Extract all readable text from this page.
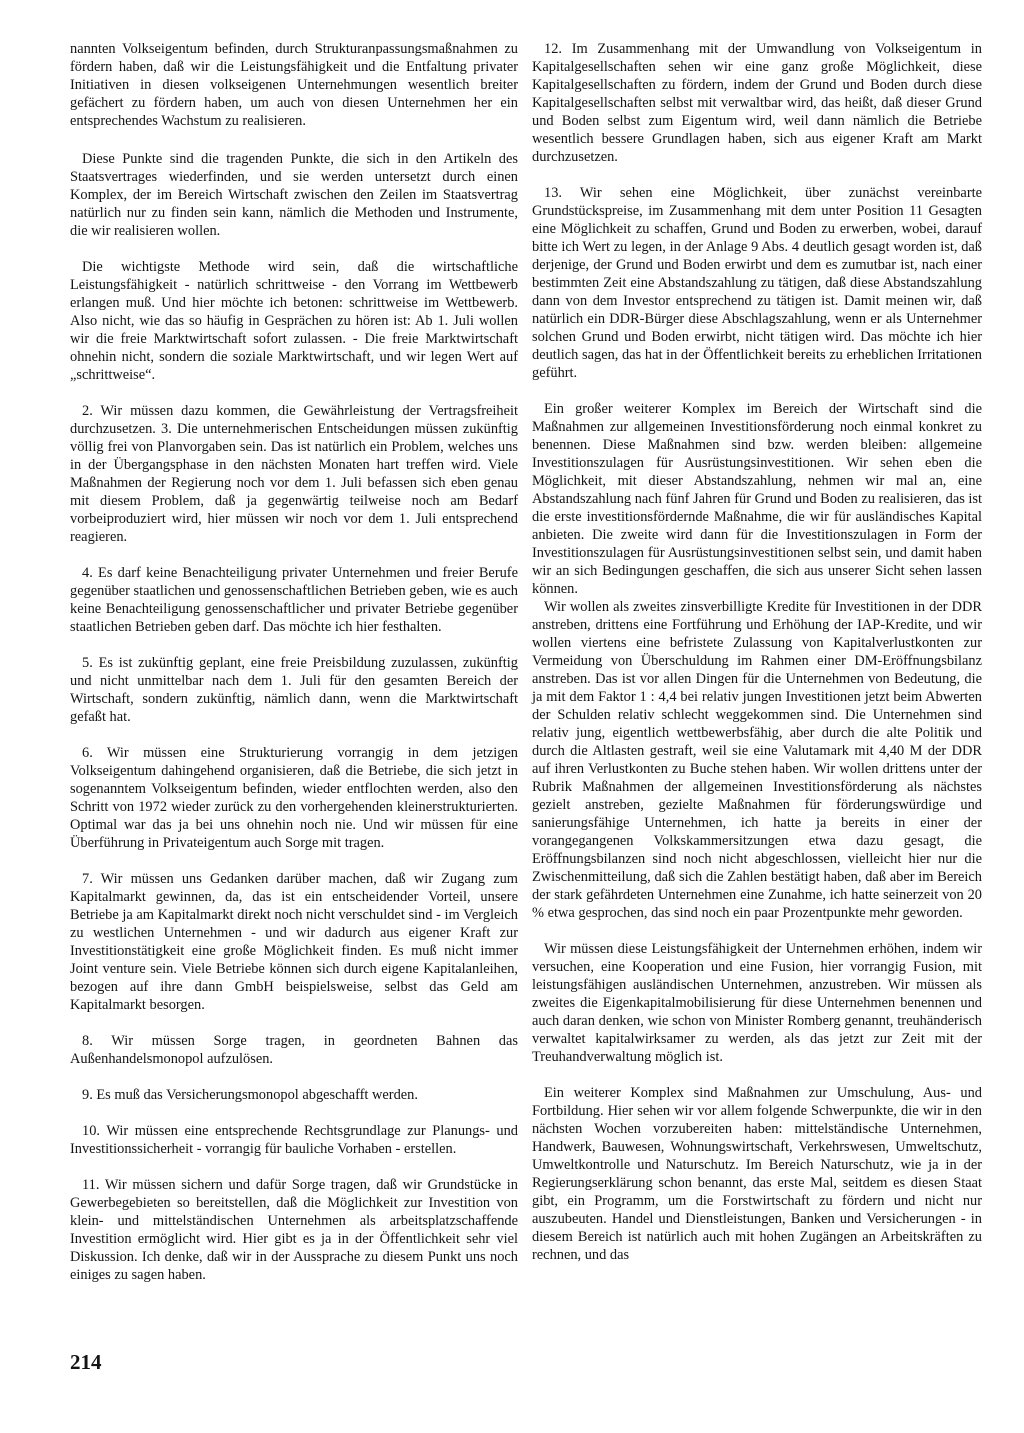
nannten Volkseigentum befinden, durch Strukturanpassungsmaßnahmen zu fördern haben, daß wir die Leistungsfähigkeit und die Entfaltung privater Initiativen in diesen volkseigenen Unternehmungen wesentlich breiter gefächert zu fördern haben, um auch von diesen Unternehmen her ein entsprechendes Wachstum zu realisieren.

Diese Punkte sind die tragenden Punkte, die sich in den Artikeln des Staatsvertrages wiederfinden, und sie werden untersetzt durch einen Komplex, der im Bereich Wirtschaft zwischen den Zeilen im Staatsvertrag natürlich nur zu finden sein kann, nämlich die Methoden und Instrumente, die wir realisieren wollen.

Die wichtigste Methode wird sein, daß die wirtschaftliche Leistungsfähigkeit - natürlich schrittweise - den Vorrang im Wettbewerb erlangen muß. Und hier möchte ich betonen: schrittweise im Wettbewerb. Also nicht, wie das so häufig in Gesprächen zu hören ist: Ab 1. Juli wollen wir die freie Marktwirtschaft sofort zulassen. - Die freie Marktwirtschaft ohnehin nicht, sondern die soziale Marktwirtschaft, und wir legen Wert auf „schrittweise“.

2. Wir müssen dazu kommen, die Gewährleistung der Vertragsfreiheit durchzusetzen. 3. Die unternehmerischen Entscheidungen müssen zukünftig völlig frei von Planvorgaben sein. Das ist natürlich ein Problem, welches uns in der Übergangsphase in den nächsten Monaten hart treffen wird. Viele Maßnahmen der Regierung noch vor dem 1. Juli befassen sich eben genau mit diesem Problem, daß ja gegenwärtig teilweise noch am Bedarf vorbeiproduziert wird, hier müssen wir noch vor dem 1. Juli entsprechend reagieren.

4. Es darf keine Benachteiligung privater Unternehmen und freier Berufe gegenüber staatlichen und genossenschaftlichen Betrieben geben, wie es auch keine Benachteiligung genossenschaftlicher und privater Betriebe gegenüber staatlichen Betrieben geben darf. Das möchte ich hier festhalten.

5. Es ist zukünftig geplant, eine freie Preisbildung zuzulassen, zukünftig und nicht unmittelbar nach dem 1. Juli für den gesamten Bereich der Wirtschaft, sondern zukünftig, nämlich dann, wenn die Marktwirtschaft gefaßt hat.

6. Wir müssen eine Strukturierung vorrangig in dem jetzigen Volkseigentum dahingehend organisieren, daß die Betriebe, die sich jetzt in sogenanntem Volkseigentum befinden, wieder entflochten werden, also den Schritt von 1972 wieder zurück zu den vorhergehenden kleinerstrukturierten. Optimal war das ja bei uns ohnehin noch nie. Und wir müssen für eine Überführung in Privateigentum auch Sorge mit tragen.

7. Wir müssen uns Gedanken darüber machen, daß wir Zugang zum Kapitalmarkt gewinnen, da, das ist ein entscheidender Vorteil, unsere Betriebe ja am Kapitalmarkt direkt noch nicht verschuldet sind - im Vergleich zu westlichen Unternehmen - und wir dadurch aus eigener Kraft zur Investitionstätigkeit eine große Möglichkeit finden. Es muß nicht immer Joint venture sein. Viele Betriebe können sich durch eigene Kapitalanleihen, bezogen auf ihre dann GmbH beispielsweise, selbst das Geld am Kapitalmarkt besorgen.

8. Wir müssen Sorge tragen, in geordneten Bahnen das Außenhandelsmonopol aufzulösen.

9. Es muß das Versicherungsmonopol abgeschafft werden.

10. Wir müssen eine entsprechende Rechtsgrundlage zur Planungs- und Investitionssicherheit - vorrangig für bauliche Vorhaben - erstellen.

11. Wir müssen sichern und dafür Sorge tragen, daß wir Grundstücke in Gewerbegebieten so bereitstellen, daß die Möglichkeit zur Investition von klein- und mittelständischen Unternehmen als arbeitsplatzschaffende Investition ermöglicht wird. Hier gibt es ja in der Öffentlichkeit sehr viel Diskussion. Ich denke, daß wir in der Aussprache zu diesem Punkt uns noch einiges zu sagen haben.

12. Im Zusammenhang mit der Umwandlung von Volkseigentum in Kapitalgesellschaften sehen wir eine ganz große Möglichkeit, diese Kapitalgesellschaften zu fördern, indem der Grund und Boden durch diese Kapitalgesellschaften selbst mit verwaltbar wird, das heißt, daß dieser Grund und Boden selbst zum Eigentum wird, weil dann nämlich die Betriebe wesentlich bessere Grundlagen haben, sich aus eigener Kraft am Markt durchzusetzen.

13. Wir sehen eine Möglichkeit, über zunächst vereinbarte Grundstückspreise, im Zusammenhang mit dem unter Position 11 Gesagten eine Möglichkeit zu schaffen, Grund und Boden zu erwerben, wobei, darauf bitte ich Wert zu legen, in der Anlage 9 Abs. 4 deutlich gesagt worden ist, daß derjenige, der Grund und Boden erwirbt und dem es zumutbar ist, nach einer bestimmten Zeit eine Abstandszahlung zu tätigen, daß diese Abstandszahlung dann von dem Investor entsprechend zu tätigen ist. Damit meinen wir, daß natürlich ein DDR-Bürger diese Abschlagszahlung, wenn er als Unternehmer solchen Grund und Boden erwirbt, nicht tätigen wird. Das möchte ich hier deutlich sagen, das hat in der Öffentlichkeit bereits zu erheblichen Irritationen geführt.

Ein großer weiterer Komplex im Bereich der Wirtschaft sind die Maßnahmen zur allgemeinen Investitionsförderung noch einmal konkret zu benennen. Diese Maßnahmen sind bzw. werden bleiben: allgemeine Investitionszulagen für Ausrüstungsinvestitionen. Wir sehen eben die Möglichkeit, mit dieser Abstandszahlung, nehmen wir mal an, eine Abstandszahlung nach fünf Jahren für Grund und Boden zu realisieren, das ist die erste investitionsfördernde Maßnahme, die wir für ausländisches Kapital anbieten. Die zweite wird dann für die Investitionszulagen in Form der Investitionszulagen für Ausrüstungsinvestitionen selbst sein, und damit haben wir an sich Bedingungen geschaffen, die sich aus unserer Sicht sehen lassen können.

Wir wollen als zweites zinsverbilligte Kredite für Investitionen in der DDR anstreben, drittens eine Fortführung und Erhöhung der IAP-Kredite, und wir wollen viertens eine befristete Zulassung von Kapitalverlustkonten zur Vermeidung von Überschuldung im Rahmen einer DM-Eröffnungsbilanz anstreben. Das ist vor allen Dingen für die Unternehmen von Bedeutung, die ja mit dem Faktor 1 : 4,4 bei relativ jungen Investitionen jetzt beim Abwerten der Schulden relativ schlecht weggekommen sind. Die Unternehmen sind relativ jung, eigentlich wettbewerbsfähig, aber durch die alte Politik und durch die Altlasten gestraft, weil sie eine Valutamark mit 4,40 M der DDR auf ihren Verlustkonten zu Buche stehen haben. Wir wollen drittens unter der Rubrik Maßnahmen der allgemeinen Investitionsförderung als nächstes gezielt anstreben, gezielte Maßnahmen für förderungswürdige und sanierungsfähige Unternehmen, ich hatte ja bereits in einer der vorangegangenen Volkskammersitzungen etwa dazu gesagt, die Eröffnungsbilanzen sind noch nicht abgeschlossen, vielleicht hier nur die Zwischenmitteilung, daß sich die Zahlen bestätigt haben, daß aber im Bereich der stark gefährdeten Unternehmen eine Zunahme, ich hatte seinerzeit von 20 % etwa gesprochen, das sind noch ein paar Prozentpunkte mehr geworden.

Wir müssen diese Leistungsfähigkeit der Unternehmen erhöhen, indem wir versuchen, eine Kooperation und eine Fusion, hier vorrangig Fusion, mit leistungsfähigen ausländischen Unternehmen, anzustreben. Wir müssen als zweites die Eigenkapitalmobilisierung für diese Unternehmen benennen und auch daran denken, wie schon von Minister Romberg genannt, treuhänderisch verwaltet kapitalwirksamer zu werden, als das jetzt zur Zeit mit der Treuhandverwaltung möglich ist.

Ein weiterer Komplex sind Maßnahmen zur Umschulung, Aus- und Fortbildung. Hier sehen wir vor allem folgende Schwerpunkte, die wir in den nächsten Wochen vorzubereiten haben: mittelständische Unternehmen, Handwerk, Bauwesen, Wohnungswirtschaft, Verkehrswesen, Umweltschutz, Umweltkontrolle und Naturschutz. Im Bereich Naturschutz, wie ja in der Regierungserklärung schon benannt, das erste Mal, seitdem es diesen Staat gibt, ein Programm, um die Forstwirtschaft zu fördern und nicht nur auszubeuten. Handel und Dienstleistungen, Banken und Versicherungen - in diesem Bereich ist natürlich auch mit hohen Zugängen an Arbeitskräften zu rechnen, und das

214
